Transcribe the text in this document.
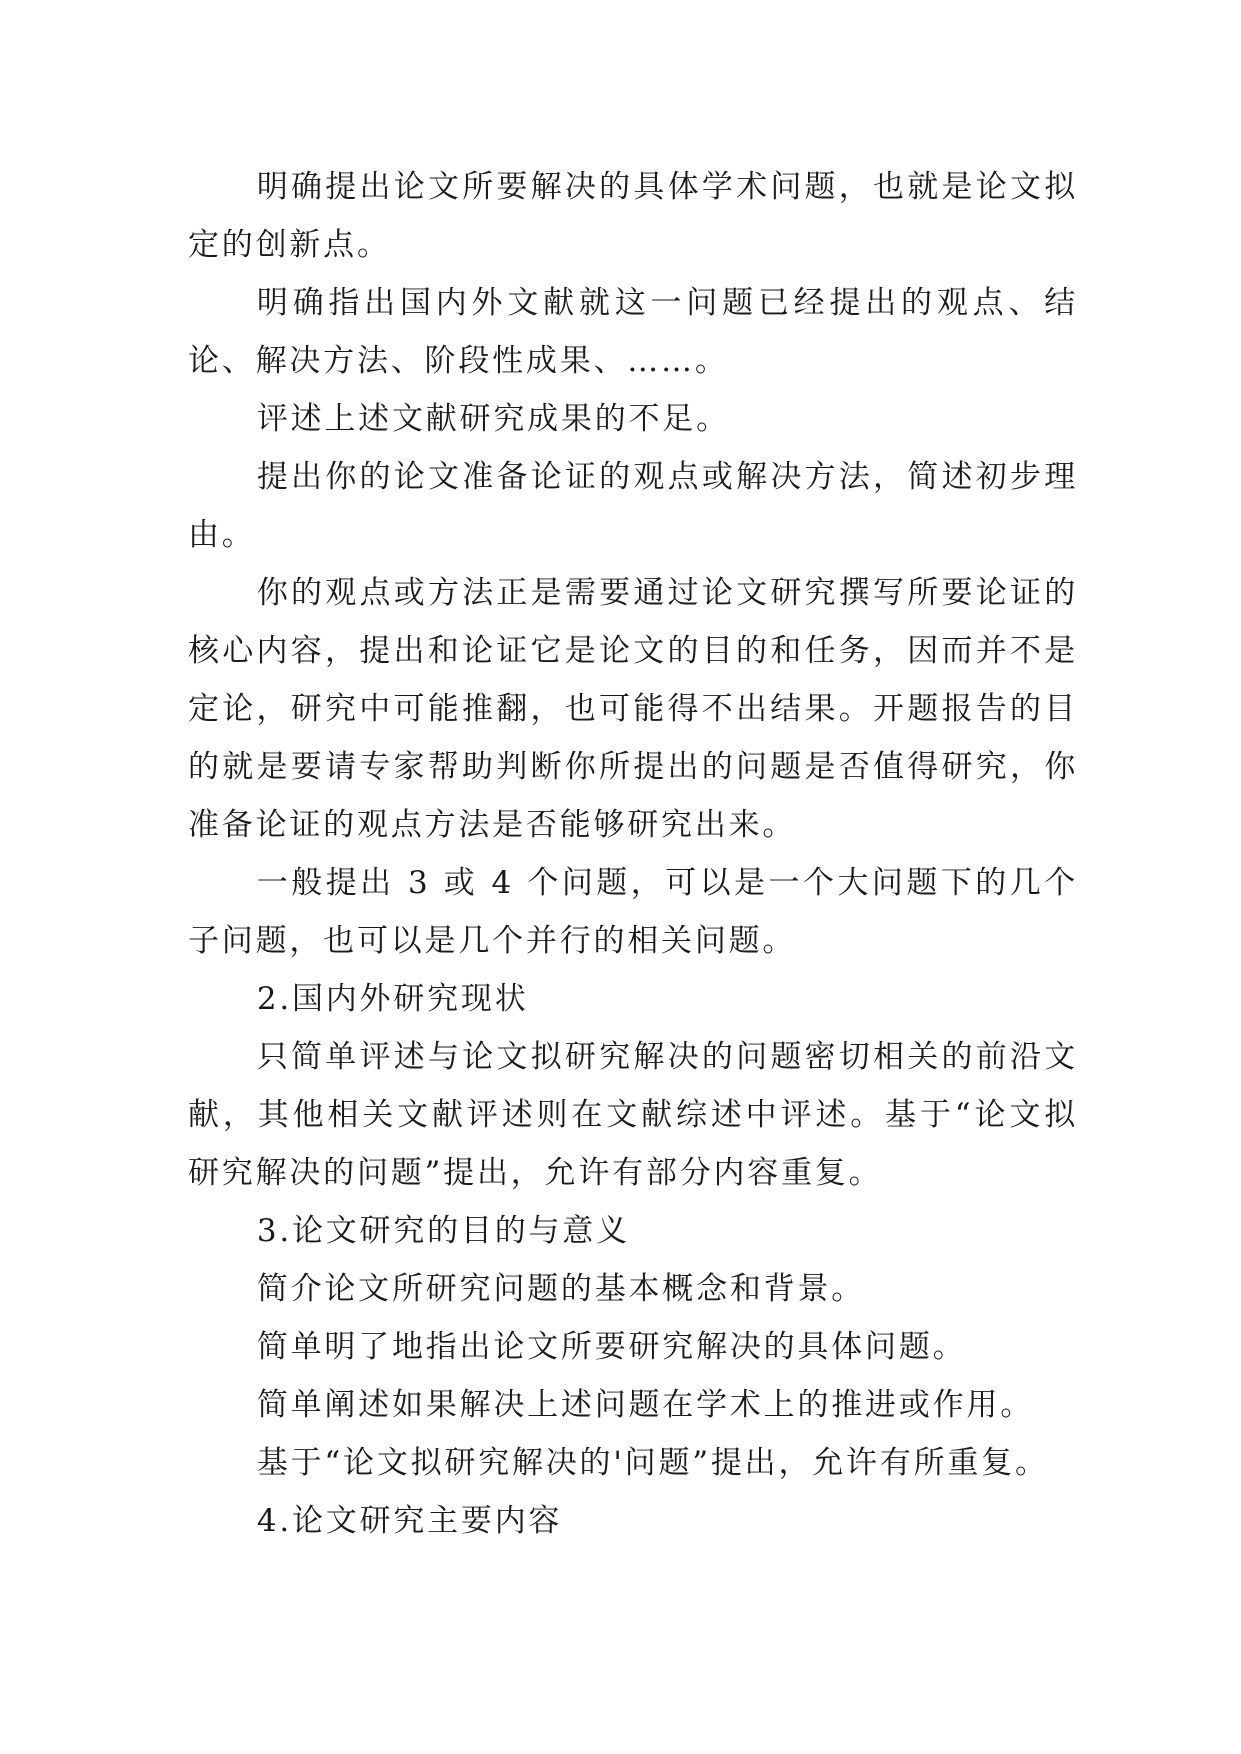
明确提出论文所要解决的具体学术问题，也就是论文拟定的创新点。

明确指出国内外文献就这一问题已经提出的观点、结论、解决方法、阶段性成果、……。

评述上述文献研究成果的不足。

提出你的论文准备论证的观点或解决方法，简述初步理由。

你的观点或方法正是需要通过论文研究撰写所要论证的核心内容，提出和论证它是论文的目的和任务，因而并不是定论，研究中可能推翻，也可能得不出结果。开题报告的目的就是要请专家帮助判断你所提出的问题是否值得研究，你准备论证的观点方法是否能够研究出来。

一般提出 3 或 4 个问题，可以是一个大问题下的几个子问题，也可以是几个并行的相关问题。

2.国内外研究现状

只简单评述与论文拟研究解决的问题密切相关的前沿文献，其他相关文献评述则在文献综述中评述。基于“论文拟研究解决的问题”提出，允许有部分内容重复。

3.论文研究的目的与意义

简介论文所研究问题的基本概念和背景。

简单明了地指出论文所要研究解决的具体问题。

简单阐述如果解决上述问题在学术上的推进或作用。

基于“论文拟研究解决的'问题”提出，允许有所重复。

4.论文研究主要内容
